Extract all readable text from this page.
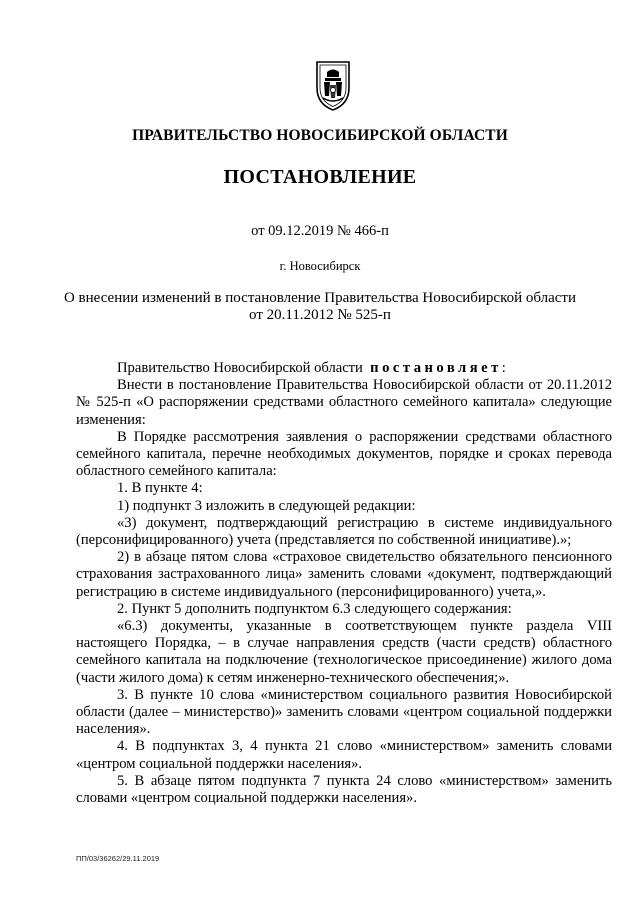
ПРАВИТЕЛЬСТВО НОВОСИБИРСКОЙ ОБЛАСТИ
ПОСТАНОВЛЕНИЕ
от 09.12.2019 № 466-п
г. Новосибирск
О внесении изменений в постановление Правительства Новосибирской области
от 20.11.2012 № 525-п

Правительство Новосибирской области постановляет:

Внести в постановление Правительства Новосибирской области от 20.11.2012 № 525-п «О распоряжении средствами областного семейного капитала» следующие изменения:

В Порядке рассмотрения заявления о распоряжении средствами областного семейного капитала, перечне необходимых документов, порядке и сроках перевода областного семейного капитала:

1. В пункте 4:

1) подпункт 3 изложить в следующей редакции:

«3) документ, подтверждающий регистрацию в системе индивидуального (персонифицированного) учета (представляется по собственной инициативе).»;

2) в абзаце пятом слова «страховое свидетельство обязательного пенсионного страхования застрахованного лица» заменить словами «документ, подтверждающий регистрацию в системе индивидуального (персонифицированного) учета,».

2. Пункт 5 дополнить подпунктом 6.3 следующего содержания:

«6.3) документы, указанные в соответствующем пункте раздела VIII настоящего Порядка, – в случае направления средств (части средств) областного семейного капитала на подключение (технологическое присоединение) жилого дома (части жилого дома) к сетям инженерно-технического обеспечения;».

3. В пункте 10 слова «министерством социального развития Новосибирской области (далее – министерство)» заменить словами «центром социальной поддержки населения».

4. В подпунктах 3, 4 пункта 21 слово «министерством» заменить словами «центром социальной поддержки населения».

5. В абзаце пятом подпункта 7 пункта 24 слово «министерством» заменить словами «центром социальной поддержки населения».

ПП/03/36262/29.11.2019
